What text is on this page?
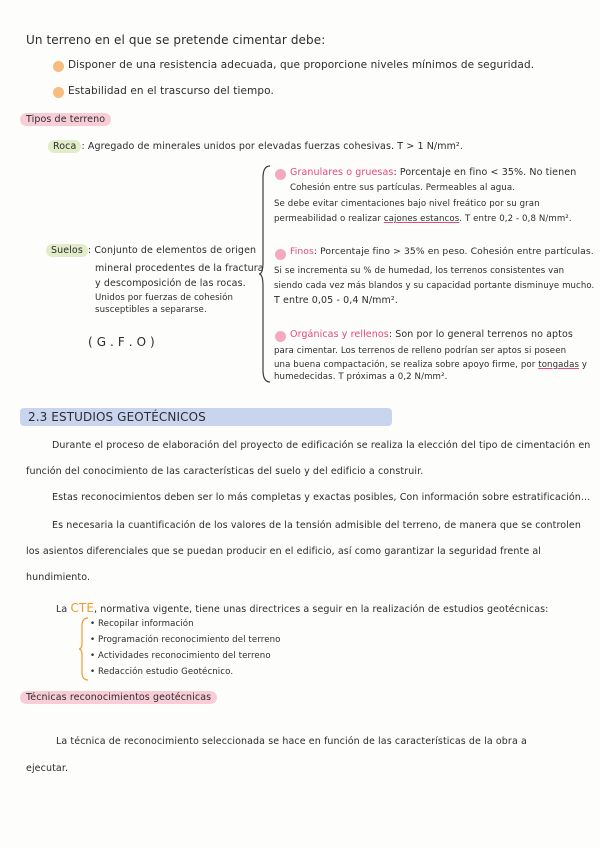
Un terreno en el que se pretende cimentar debe:
Disponer de una resistencia adecuada, que proporcione niveles mínimos de seguridad.
Estabilidad en el trascurso del tiempo.
Tipos de terreno
Roca : Agregado de minerales unidos por elevadas fuerzas cohesivas. T > 1 N/mm².
Suelos : Conjunto de elementos de origen
mineral procedentes de la fractura
y descomposición de las rocas.
Unidos por fuerzas de cohesión
susceptibles a separarse.
( G . F . O )
Granulares o gruesas: Porcentaje en fino < 35%. No tienen
Cohesión entre sus partículas. Permeables al agua.
Se debe evitar cimentaciones bajo nivel freático por su gran
permeabilidad o realizar cajones estancos. T entre 0,2 - 0,8 N/mm².
Finos: Porcentaje fino > 35% en peso. Cohesión entre partículas.
Si se incrementa su % de humedad, los terrenos consistentes van
siendo cada vez más blandos y su capacidad portante disminuye mucho.
T entre 0,05 - 0,4 N/mm².
Orgánicas y rellenos: Son por lo general terrenos no aptos
para cimentar. Los terrenos de relleno podrían ser aptos si poseen
una buena compactación, se realiza sobre apoyo firme, por tongadas y
humedecidas. T próximas a 0,2 N/mm².
2.3 ESTUDIOS GEOTÉCNICOS
Durante el proceso de elaboración del proyecto de edificación se realiza la elección del tipo de cimentación en
función del conocimiento de las características del suelo y del edificio a construir.
Estas reconocimientos deben ser lo más completas y exactas posibles, Con información sobre estratificación...
Es necesaria la cuantificación de los valores de la tensión admisible del terreno, de manera que se controlen
los asientos diferenciales que se puedan producir en el edificio, así como garantizar la seguridad frente al
hundimiento.
La CTE, normativa vigente, tiene unas directrices a seguir en la realización de estudios geotécnicas:
• Recopilar información
• Programación reconocimiento del terreno
• Actividades reconocimiento del terreno
• Redacción estudio Geotécnico.
Técnicas reconocimientos geotécnicas
La técnica de reconocimiento seleccionada se hace en función de las características de la obra a
ejecutar.
